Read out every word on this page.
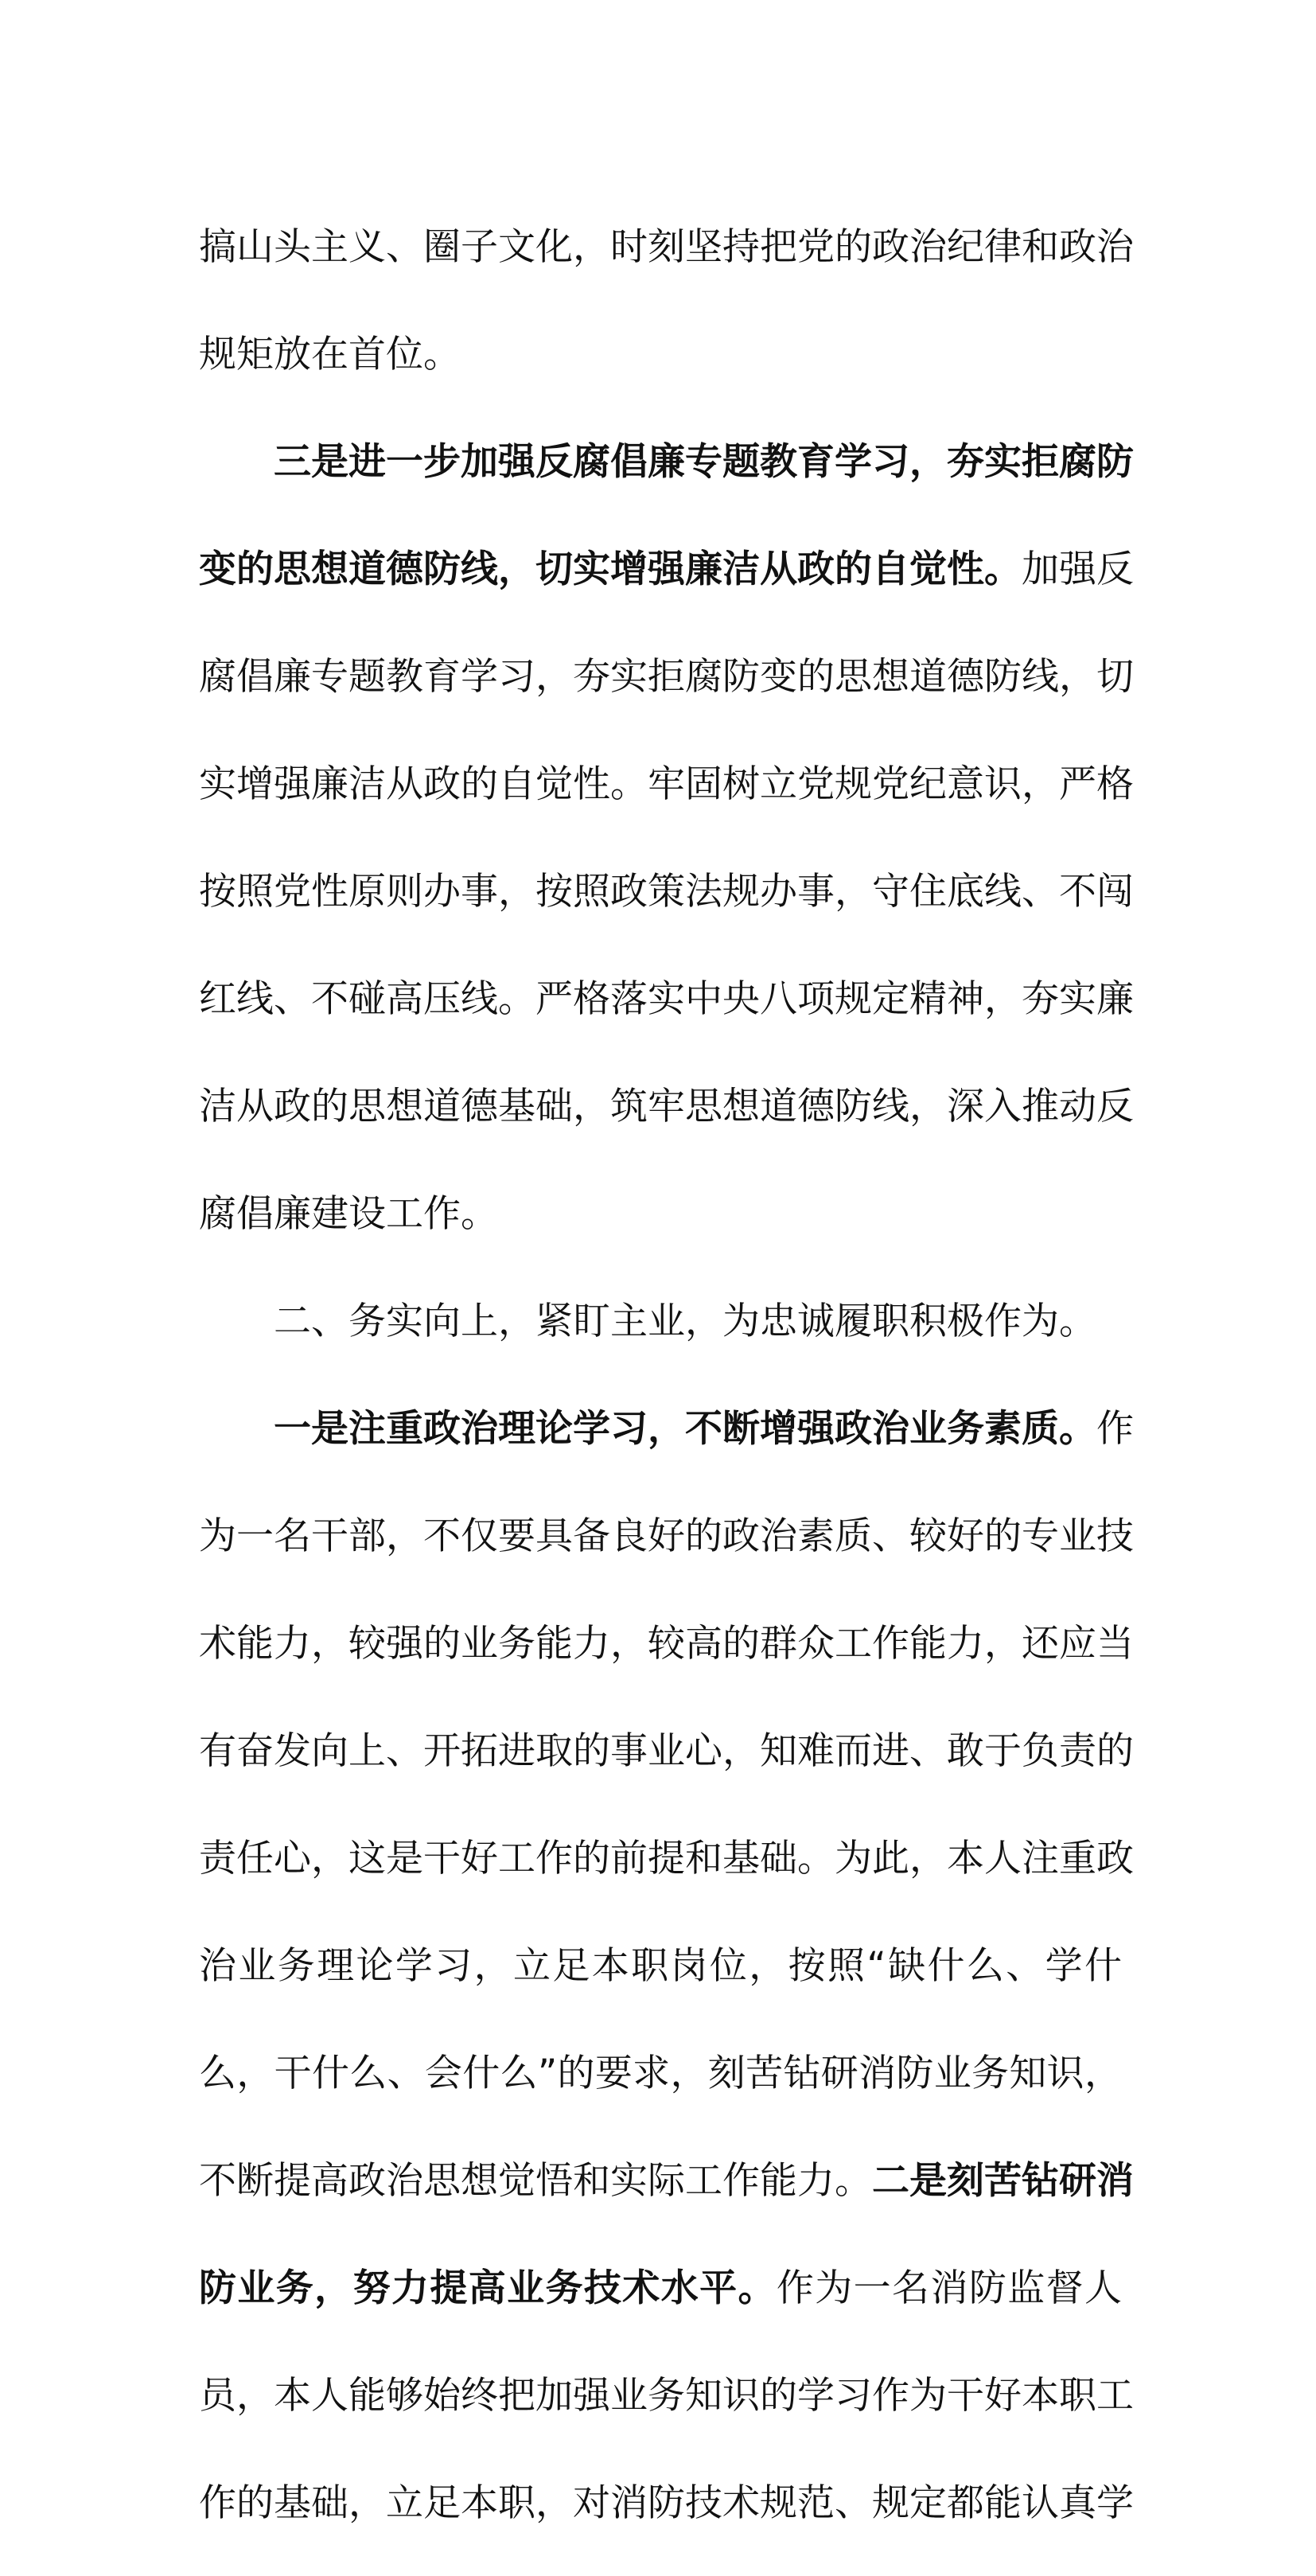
搞山头主义、圈子文化，时刻坚持把党的政治纪律和政治

规矩放在首位。

三是进一步加强反腐倡廉专题教育学习，夯实拒腐防

变的思想道德防线，切实增强廉洁从政的自觉性。加强反

腐倡廉专题教育学习，夯实拒腐防变的思想道德防线，切

实增强廉洁从政的自觉性。牢固树立党规党纪意识，严格

按照党性原则办事，按照政策法规办事，守住底线、不闯

红线、不碰高压线。严格落实中央八项规定精神，夯实廉

洁从政的思想道德基础，筑牢思想道德防线，深入推动反

腐倡廉建设工作。

二、务实向上，紧盯主业，为忠诚履职积极作为。

一是注重政治理论学习，不断增强政治业务素质。作

为一名干部，不仅要具备良好的政治素质、较好的专业技

术能力，较强的业务能力，较高的群众工作能力，还应当

有奋发向上、开拓进取的事业心，知难而进、敢于负责的

责任心，这是干好工作的前提和基础。为此，本人注重政

治业务理论学习，立足本职岗位，按照“缺什么、学什

么，干什么、会什么”的要求，刻苦钻研消防业务知识，

不断提高政治思想觉悟和实际工作能力。二是刻苦钻研消

防业务，努力提高业务技术水平。作为一名消防监督人

员，本人能够始终把加强业务知识的学习作为干好本职工

作的基础，立足本职，对消防技术规范、规定都能认真学
